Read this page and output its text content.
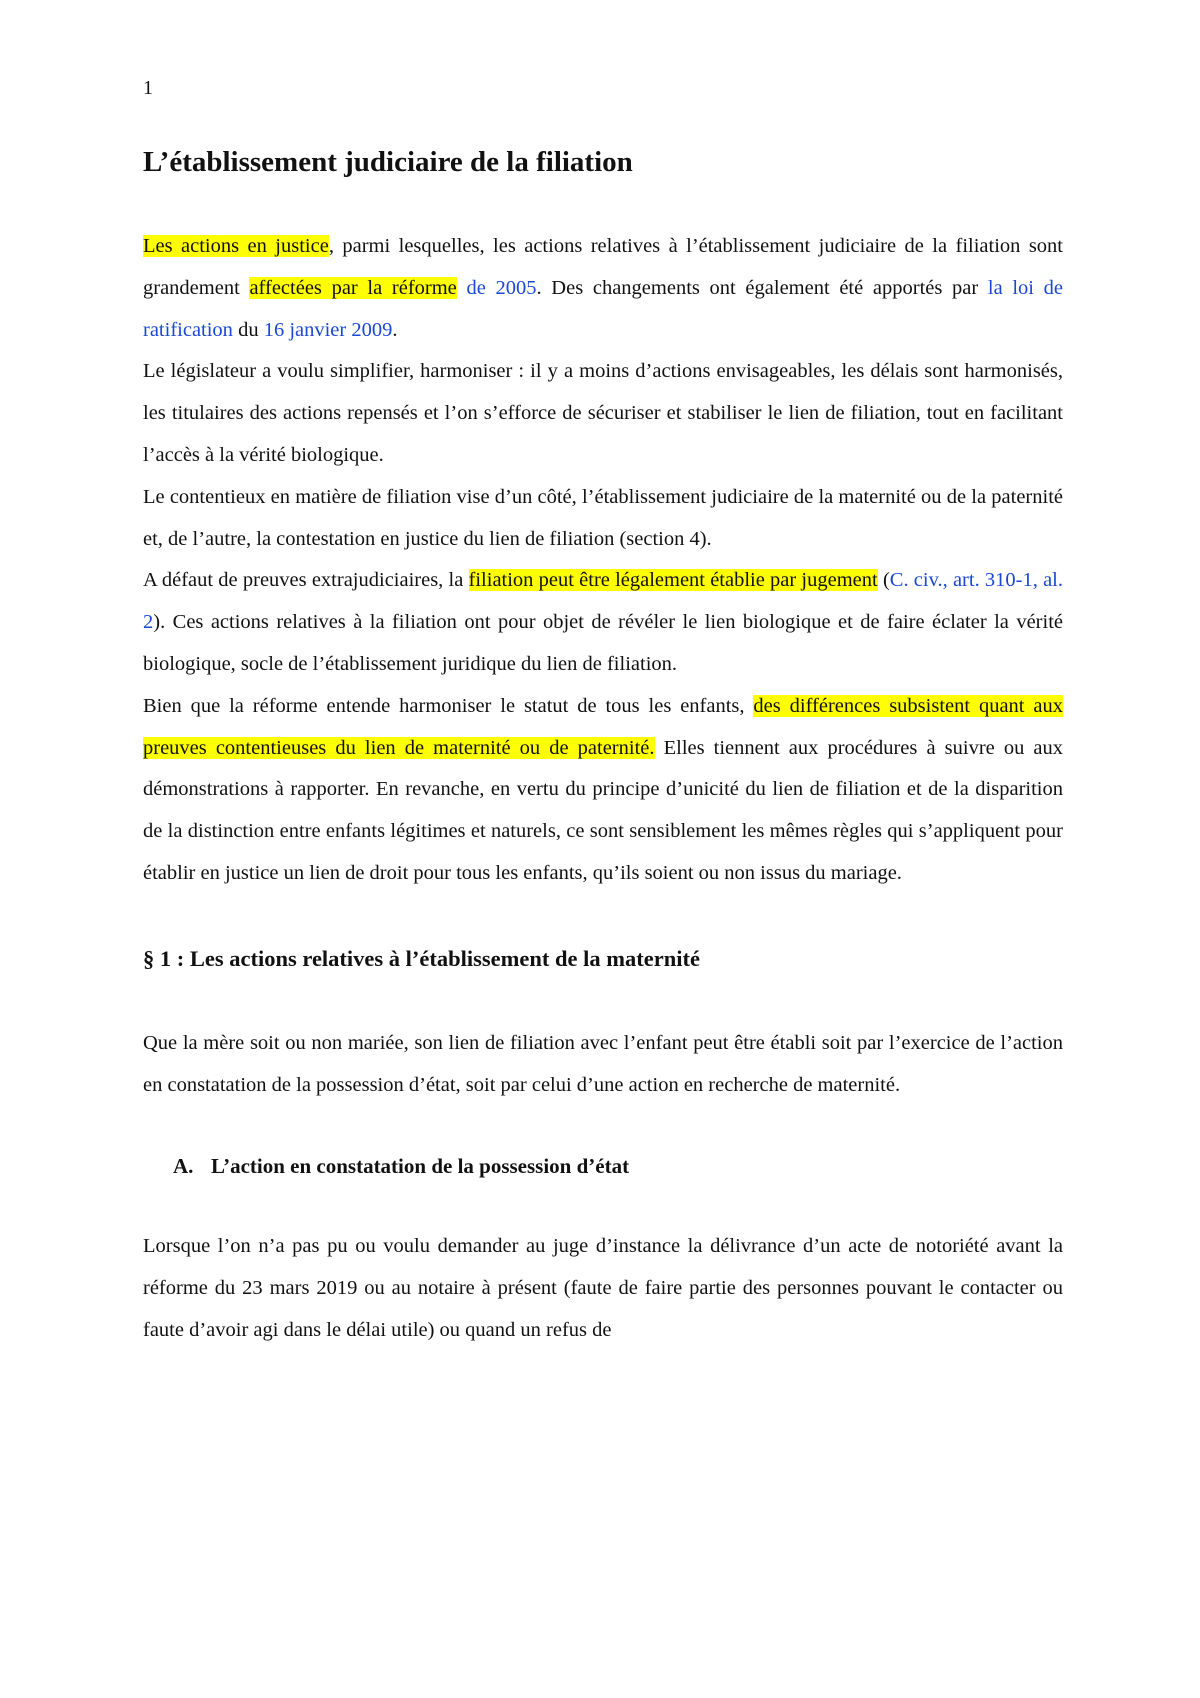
1
L’établissement judiciaire de la filiation

Les actions en justice, parmi lesquelles, les actions relatives à l’établissement judiciaire de la filiation sont grandement affectées par la réforme de 2005. Des changements ont également été apportés par la loi de ratification du 16 janvier 2009.

Le législateur a voulu simplifier, harmoniser : il y a moins d’actions envisageables, les délais sont harmonisés, les titulaires des actions repensés et l’on s’efforce de sécuriser et stabiliser le lien de filiation, tout en facilitant l’accès à la vérité biologique.

Le contentieux en matière de filiation vise d’un côté, l’établissement judiciaire de la maternité ou de la paternité et, de l’autre, la contestation en justice du lien de filiation (section 4).

A défaut de preuves extrajudiciaires, la filiation peut être légalement établie par jugement (C. civ., art. 310-1, al. 2). Ces actions relatives à la filiation ont pour objet de révéler le lien biologique et de faire éclater la vérité biologique, socle de l’établissement juridique du lien de filiation.

Bien que la réforme entende harmoniser le statut de tous les enfants, des différences subsistent quant aux preuves contentieuses du lien de maternité ou de paternité. Elles tiennent aux procédures à suivre ou aux démonstrations à rapporter. En revanche, en vertu du principe d’unicité du lien de filiation et de la disparition de la distinction entre enfants légitimes et naturels, ce sont sensiblement les mêmes règles qui s’appliquent pour établir en justice un lien de droit pour tous les enfants, qu’ils soient ou non issus du mariage.

§ 1 : Les actions relatives à l’établissement de la maternité

Que la mère soit ou non mariée, son lien de filiation avec l’enfant peut être établi soit par l’exercice de l’action en constatation de la possession d’état, soit par celui d’une action en recherche de maternité.

A. L’action en constatation de la possession d’état

Lorsque l’on n’a pas pu ou voulu demander au juge d’instance la délivrance d’un acte de notoriété avant la réforme du 23 mars 2019 ou au notaire à présent (faute de faire partie des personnes pouvant le contacter ou faute d’avoir agi dans le délai utile) ou quand un refus de
